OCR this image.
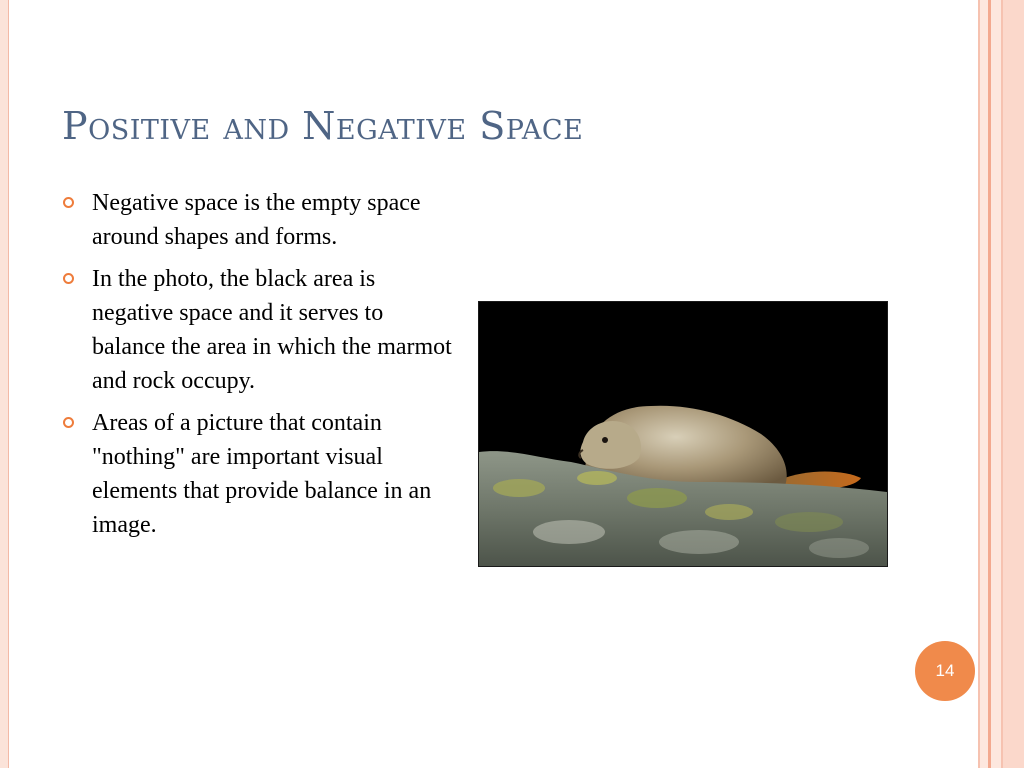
Positive and Negative Space
Negative space is the empty space around shapes and forms.
In the photo, the black area is negative space and it serves to balance the area in which the marmot and rock occupy.
Areas of a picture that contain "nothing" are important visual elements that provide balance in an image.
14
